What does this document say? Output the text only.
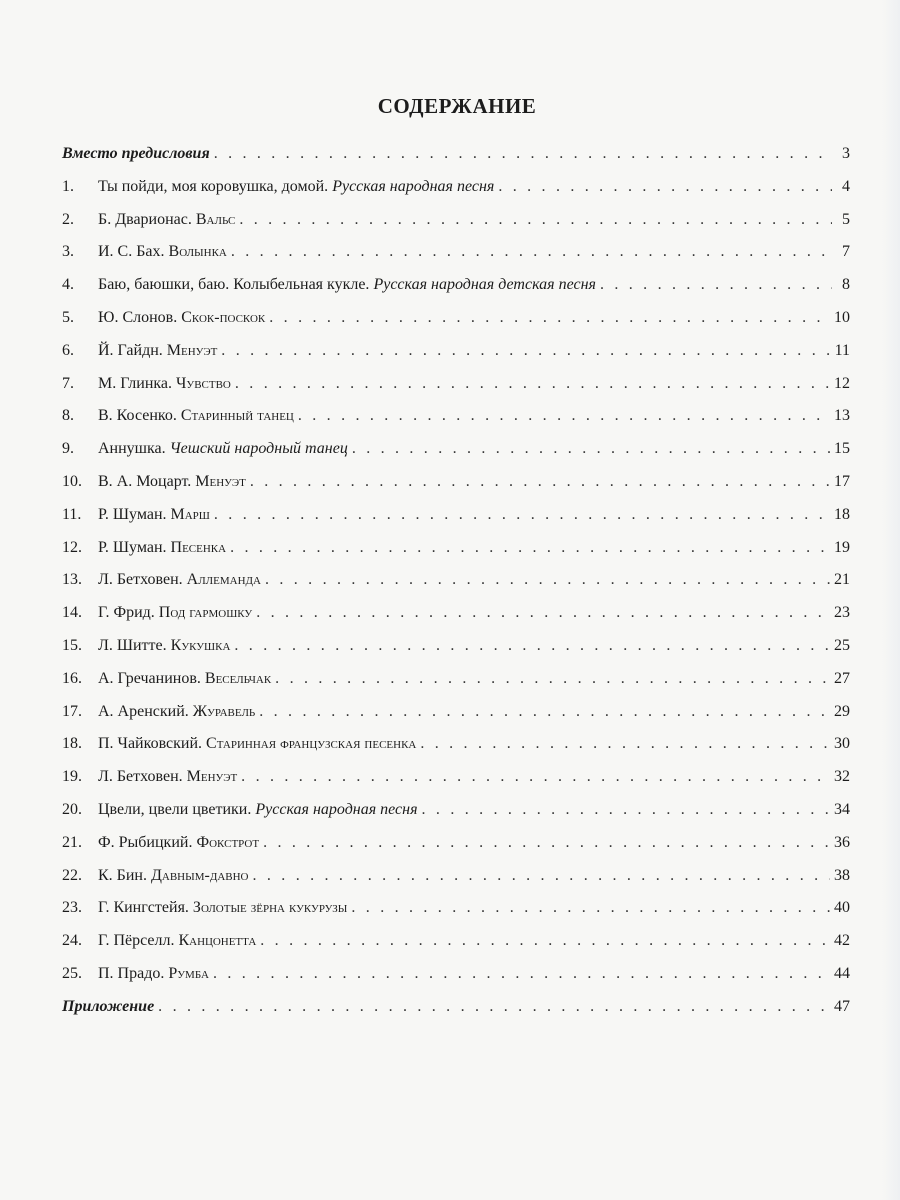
СОДЕРЖАНИЕ
Вместо предисловия . . .	3
1.	Ты пойди, моя коровушка, домой. Русская народная песня . . .	4
2.	Б. Дварионас. Вальс . . .	5
3.	И. С. Бах. Волынка . . .	7
4.	Баю, баюшки, баю. Колыбельная кукле. Русская народная детская песня . . .	8
5.	Ю. Слонов. Скок-поскок . . .	10
6.	Й. Гайдн. Менуэт . . .	11
7.	М. Глинка. Чувство . . .	12
8.	В. Косенко. Старинный танец . . .	13
9.	Аннушка. Чешский народный танец . . .	15
10.	В. А. Моцарт. Менуэт . . .	17
11.	Р. Шуман. Марш . . .	18
12.	Р. Шуман. Песенка . . .	19
13.	Л. Бетховен. Аллеманда . . .	21
14.	Г. Фрид. Под гармошку . . .	23
15.	Л. Шитте. Кукушка . . .	25
16.	А. Гречанинов. Весельчак . . .	27
17.	А. Аренский. Журавель . . .	29
18.	П. Чайковский. Старинная французская песенка . . .	30
19.	Л. Бетховен. Менуэт . . .	32
20.	Цвели, цвели цветики. Русская народная песня . . .	34
21.	Ф. Рыбицкий. Фокстрот . . .	36
22.	К. Бин. Давным-давно . . .	38
23.	Г. Кингстейя. Золотые зёрна кукурузы . . .	40
24.	Г. Пёрселл. Канцонетта . . .	42
25.	П. Прадо. Румба . . .	44
Приложение . . .	47
